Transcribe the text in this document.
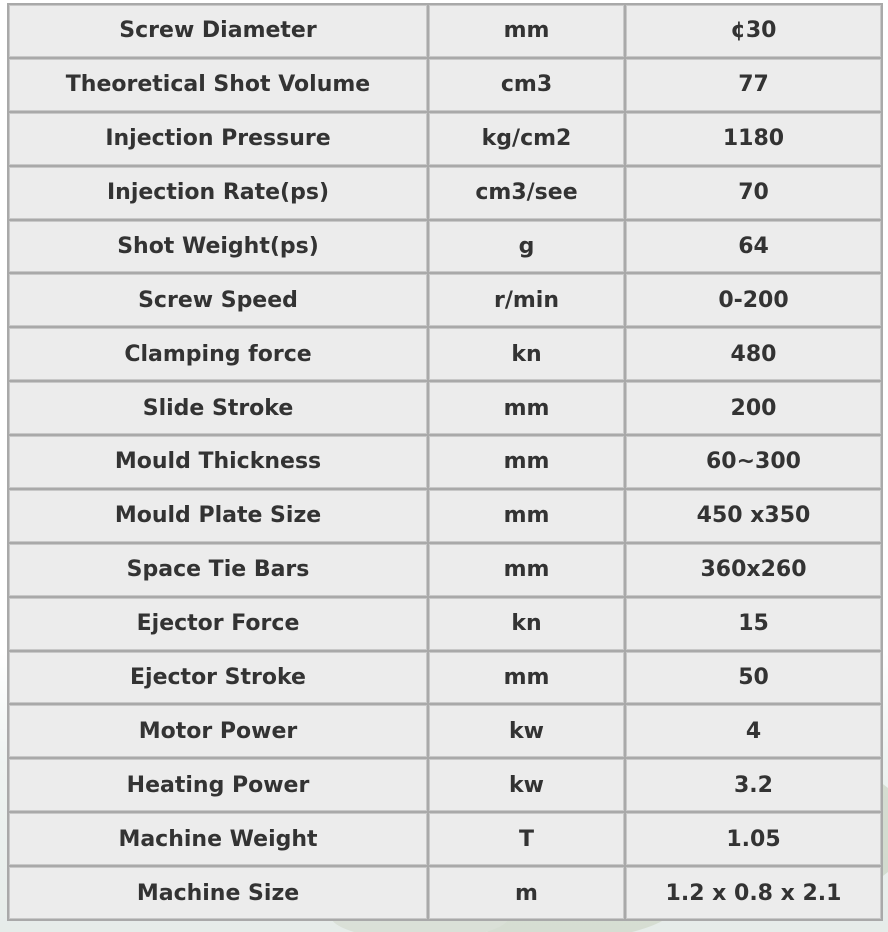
Screw Diameter	mm	¢30
Theoretical Shot Volume	cm3	77
Injection Pressure	kg/cm2	1180
Injection Rate(ps)	cm3/see	70
Shot Weight(ps)	g	64
Screw Speed	r/min	0-200
Clamping force	kn	480
Slide Stroke	mm	200
Mould Thickness	mm	60~300
Mould Plate Size	mm	450 x350
Space Tie Bars	mm	360x260
Ejector Force	kn	15
Ejector Stroke	mm	50
Motor Power	kw	4
Heating Power	kw	3.2
Machine Weight	T	1.05
Machine Size	m	1.2 x 0.8 x 2.1
